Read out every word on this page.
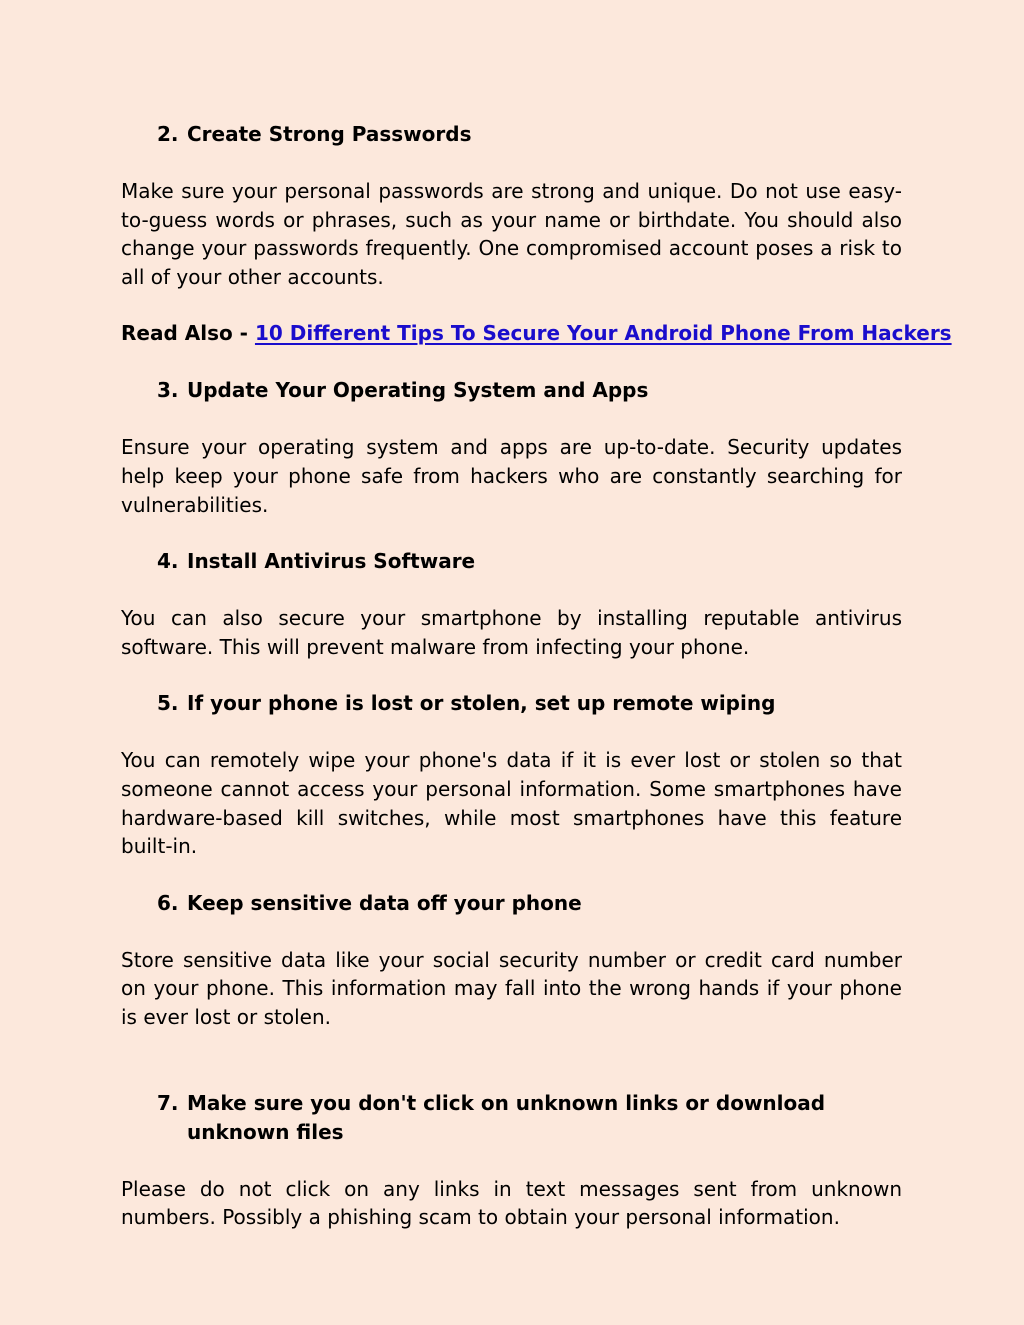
2. Create Strong Passwords

Make sure your personal passwords are strong and unique. Do not use easy-to-guess words or phrases, such as your name or birthdate. You should also change your passwords frequently. One compromised account poses a risk to all of your other accounts.

Read Also - 10 Different Tips To Secure Your Android Phone From Hackers
3. Update Your Operating System and Apps

Ensure your operating system and apps are up-to-date. Security updates help keep your phone safe from hackers who are constantly searching for vulnerabilities.

4. Install Antivirus Software

You can also secure your smartphone by installing reputable antivirus software. This will prevent malware from infecting your phone.

5. If your phone is lost or stolen, set up remote wiping

You can remotely wipe your phone's data if it is ever lost or stolen so that someone cannot access your personal information. Some smartphones have hardware-based kill switches, while most smartphones have this feature built-in.

6. Keep sensitive data off your phone

Store sensitive data like your social security number or credit card number on your phone. This information may fall into the wrong hands if your phone is ever lost or stolen.

7. Make sure you don't click on unknown links or download unknown files

Please do not click on any links in text messages sent from unknown numbers. Possibly a phishing scam to obtain your personal information.
